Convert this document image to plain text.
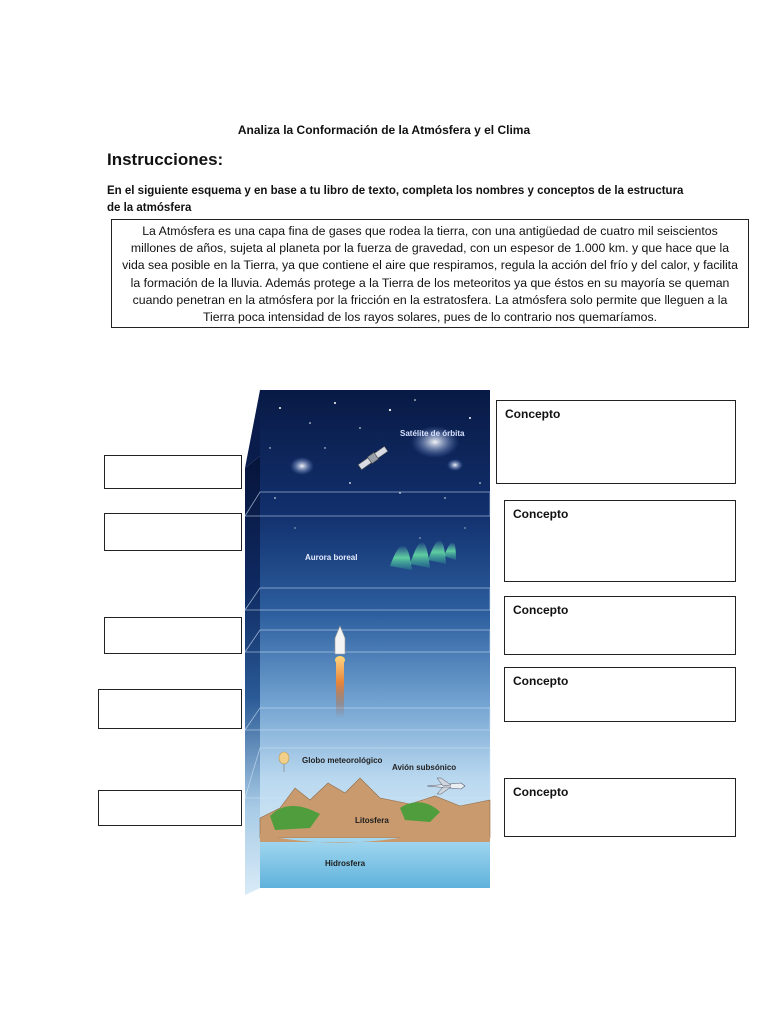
Analiza la Conformación de la Atmósfera y el Clima
Instrucciones:
En el siguiente esquema y en base a tu libro de texto, completa los nombres y conceptos de la estructura de la atmósfera
La Atmósfera es una capa fina de gases que rodea la tierra, con una antigüedad de cuatro mil seiscientos millones de años, sujeta al planeta por la fuerza de gravedad, con un espesor de 1.000 km. y que hace que la vida sea posible en la Tierra, ya que contiene el aire que respiramos, regula la acción del frío y del calor, y facilita la formación de la lluvia. Además protege a la Tierra de los meteoritos ya que éstos en su mayoría se queman cuando penetran en la atmósfera por la fricción en la estratosfera. La atmósfera solo permite que lleguen a la Tierra poca intensidad de los rayos solares, pues de lo contrario nos quemaríamos.
Concepto
Concepto
Concepto
Concepto
Concepto
Satélite de órbita
Aurora boreal
Globo meteorológico
Avión subsónico
Litosfera
Hidrosfera
